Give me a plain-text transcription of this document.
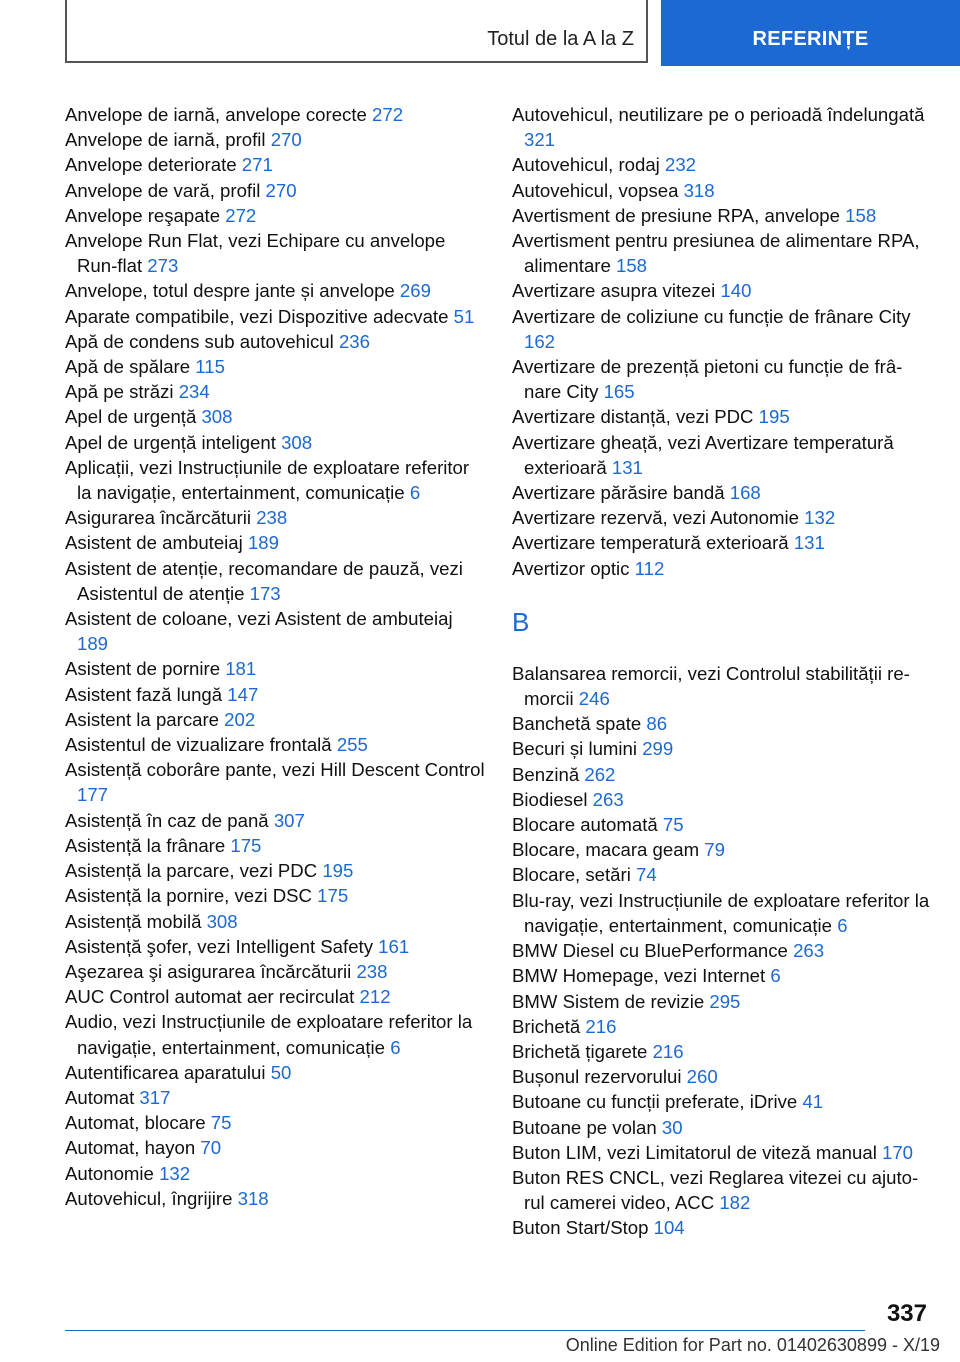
Totul de la A la Z	REFERINȚE
Anvelope de iarnă, anvelope corecte 272
Anvelope de iarnă, profil 270
Anvelope deteriorate 271
Anvelope de vară, profil 270
Anvelope reşapate 272
Anvelope Run Flat, vezi Echipare cu anvelope Run-flat 273
Anvelope, totul despre jante și anvelope 269
Aparate compatibile, vezi Dispozitive adecvate 51
Apă de condens sub autovehicul 236
Apă de spălare 115
Apă pe străzi 234
Apel de urgență 308
Apel de urgență inteligent 308
Aplicații, vezi Instrucțiunile de exploatare referitor la navigație, entertainment, comunicație 6
Asigurarea încărcăturii 238
Asistent de ambuteiaj 189
Asistent de atenție, recomandare de pauză, vezi Asistentul de atenție 173
Asistent de coloane, vezi Asistent de ambuteiaj 189
Asistent de pornire 181
Asistent fază lungă 147
Asistent la parcare 202
Asistentul de vizualizare frontală 255
Asistență coborâre pante, vezi Hill Descent Control 177
Asistență în caz de pană 307
Asistență la frânare 175
Asistență la parcare, vezi PDC 195
Asistență la pornire, vezi DSC 175
Asistență mobilă 308
Asistență şofer, vezi Intelligent Safety 161
Aşezarea şi asigurarea încărcăturii 238
AUC Control automat aer recirculat 212
Audio, vezi Instrucțiunile de exploatare referitor la navigație, entertainment, comunicație 6
Autentificarea aparatului 50
Automat 317
Automat, blocare 75
Automat, hayon 70
Autonomie 132
Autovehicul, îngrijire 318
Autovehicul, neutilizare pe o perioadă îndelungată 321
Autovehicul, rodaj 232
Autovehicul, vopsea 318
Avertisment de presiune RPA, anvelope 158
Avertisment pentru presiunea de alimentare RPA, alimentare 158
Avertizare asupra vitezei 140
Avertizare de coliziune cu funcție de frânare City 162
Avertizare de prezență pietoni cu funcție de frânare City 165
Avertizare distanță, vezi PDC 195
Avertizare gheață, vezi Avertizare temperatură exterioară 131
Avertizare părăsire bandă 168
Avertizare rezervă, vezi Autonomie 132
Avertizare temperatură exterioară 131
Avertizor optic 112
B
Balansarea remorcii, vezi Controlul stabilității remorcii 246
Banchetă spate 86
Becuri și lumini 299
Benzină 262
Biodiesel 263
Blocare automată 75
Blocare, macara geam 79
Blocare, setări 74
Blu-ray, vezi Instrucțiunile de exploatare referitor la navigație, entertainment, comunicație 6
BMW Diesel cu BluePerformance 263
BMW Homepage, vezi Internet 6
BMW Sistem de revizie 295
Brichetă 216
Brichetă țigarete 216
Bușonul rezervorului 260
Butoane cu funcții preferate, iDrive 41
Butoane pe volan 30
Buton LIM, vezi Limitatorul de viteză manual 170
Buton RES CNCL, vezi Reglarea vitezei cu ajutorul camerei video, ACC 182
Buton Start/Stop 104
337
Online Edition for Part no. 01402630899 - X/19
